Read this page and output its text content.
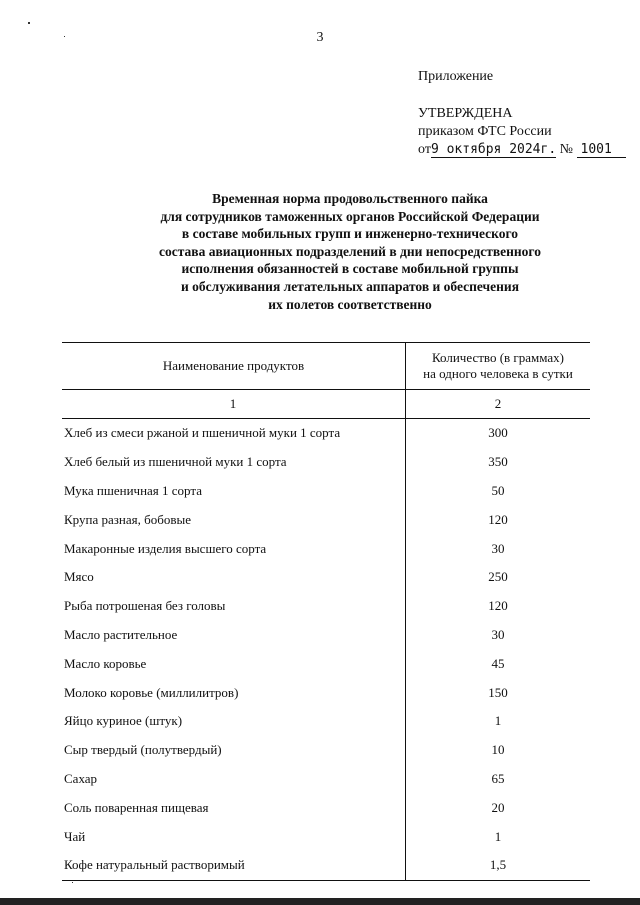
3
Приложение
УТВЕРЖДЕНА
приказом ФТС России
от9 октября 2024г. № 1001
Временная норма продовольственного пайка
для сотрудников таможенных органов Российской Федерации
в составе мобильных групп и инженерно-технического
состава авиационных подразделений в дни непосредственного
исполнения обязанностей в составе мобильной группы
и обслуживания летательных аппаратов и обеспечения
их полетов соответственно
Наименование продуктов	Количество (в граммах)
на одного человека в сутки

1	2
Хлеб из смеси ржаной и пшеничной муки 1 сорта	300
Хлеб белый из пшеничной муки 1 сорта	350
Мука пшеничная 1 сорта	50
Крупа разная, бобовые	120
Макаронные изделия высшего сорта	30
Мясо	250
Рыба потрошеная без головы	120
Масло растительное	30
Масло коровье	45
Молоко коровье (миллилитров)	150
Яйцо куриное (штук)	1
Сыр твердый (полутвердый)	10
Сахар	65
Соль поваренная пищевая	20
Чай	1
Кофе натуральный растворимый	1,5
